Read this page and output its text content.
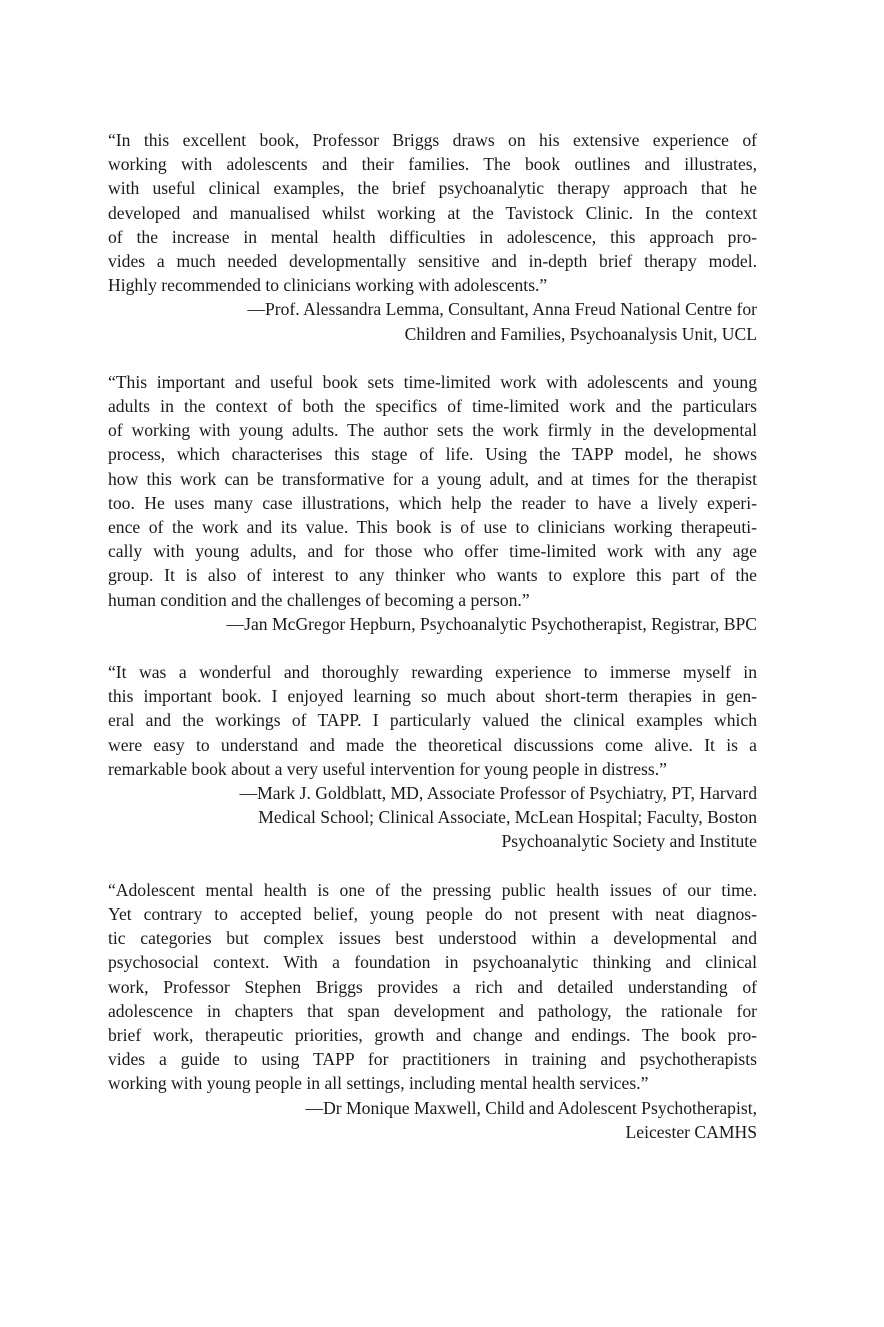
“In this excellent book, Professor Briggs draws on his extensive experience of
working with adolescents and their families. The book outlines and illustrates,
with useful clinical examples, the brief psychoanalytic therapy approach that he
developed and manualised whilst working at the Tavistock Clinic. In the context
of the increase in mental health difficulties in adolescence, this approach pro-
vides a much needed developmentally sensitive and in-depth brief therapy model.
Highly recommended to clinicians working with adolescents.”

—Prof. Alessandra Lemma, Consultant, Anna Freud National Centre for
Children and Families, Psychoanalysis Unit, UCL

“This important and useful book sets time-limited work with adolescents and young
adults in the context of both the specifics of time-limited work and the particulars
of working with young adults. The author sets the work firmly in the developmental
process, which characterises this stage of life. Using the TAPP model, he shows
how this work can be transformative for a young adult, and at times for the therapist
too. He uses many case illustrations, which help the reader to have a lively experi-
ence of the work and its value. This book is of use to clinicians working therapeuti-
cally with young adults, and for those who offer time-limited work with any age
group. It is also of interest to any thinker who wants to explore this part of the
human condition and the challenges of becoming a person.”

—Jan McGregor Hepburn, Psychoanalytic Psychotherapist, Registrar, BPC

“It was a wonderful and thoroughly rewarding experience to immerse myself in
this important book. I enjoyed learning so much about short-term therapies in gen-
eral and the workings of TAPP. I particularly valued the clinical examples which
were easy to understand and made the theoretical discussions come alive. It is a
remarkable book about a very useful intervention for young people in distress.”

—Mark J. Goldblatt, MD, Associate Professor of Psychiatry, PT, Harvard
Medical School; Clinical Associate, McLean Hospital; Faculty, Boston
Psychoanalytic Society and Institute

“Adolescent mental health is one of the pressing public health issues of our time.
Yet contrary to accepted belief, young people do not present with neat diagnos-
tic categories but complex issues best understood within a developmental and
psychosocial context. With a foundation in psychoanalytic thinking and clinical
work, Professor Stephen Briggs provides a rich and detailed understanding of
adolescence in chapters that span development and pathology, the rationale for
brief work, therapeutic priorities, growth and change and endings. The book pro-
vides a guide to using TAPP for practitioners in training and psychotherapists
working with young people in all settings, including mental health services.”

—Dr Monique Maxwell, Child and Adolescent Psychotherapist,
Leicester CAMHS
